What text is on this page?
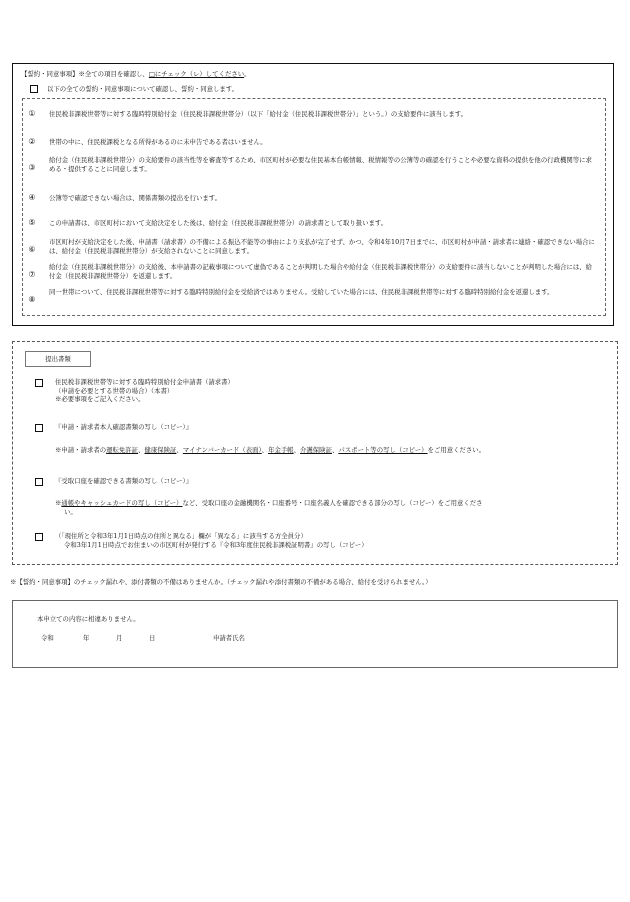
【誓約・同意事項】※全ての項目を確認し、□にチェック（レ）してください。
以下の全ての誓約・同意事項について確認し、誓約・同意します。
① 住民税非課税世帯等に対する臨時特別給付金（住民税非課税世帯分）（以下「給付金（住民税非課税世帯分）」という。）の支給要件に該当します。
② 世帯の中に、住民税課税となる所得があるのに未申告である者はいません。
③
給付金（住民税非課税世帯分）の支給要件の該当性等を審査等するため、市区町村が必要な住民基本台帳情報、税情報等の公簿等の確認を行うことや必要な資料の提供を他の行政機関等に求める・提供することに同意します。
④ 公簿等で確認できない場合は、関係書類の提出を行います。
⑤ この申請書は、市区町村において支給決定をした後は、給付金（住民税非課税世帯分）の請求書として取り扱います。
⑥
市区町村が支給決定をした後、申請書（請求書）の不備による振込不能等の事由により支払が完了せず、かつ、令和4年10月7日までに、市区町村が申請・請求者に連絡・確認できない場合には、給付金（住民税非課税世帯分）が支給されないことに同意します。
⑦
給付金（住民税非課税世帯分）の支給後、本申請書の記載事項について虚偽であることが判明した場合や給付金（住民税非課税世帯分）の支給要件に該当しないことが判明した場合には、給付金（住民税非課税世帯分）を返還します。
⑧
同一世帯について、住民税非課税世帯等に対する臨時特別給付金を受給済ではありません。受給していた場合には、住民税非課税世帯等に対する臨時特別給付金を返還します。
提出書類
住民税非課税世帯等に対する臨時特別給付金申請書（請求書）
（申請を必要とする世帯の場合）（本書）
※必要事項をご記入ください。
『申請・請求者本人確認書類の写し（コピー）』
※申請・請求者の運転免許証、健康保険証、マイナンバーカード（表面）、年金手帳、介護保険証、パスポート等の写し（コピー）をご用意ください。
『受取口座を確認できる書類の写し（コピー）』
※通帳やキャッシュカードの写し（コピー）など、受取口座の金融機関名・口座番号・口座名義人を確認できる部分の写し（コピー）をご用意くださ
い。
（「現住所と令和3年1月1日時点の住所と異なる」欄が「異なる」に該当する方全員分）
令和3年1月1日時点でお住まいの市区町村が発行する『令和3年度住民税非課税証明書』の写し（コピー）
※【誓約・同意事項】のチェック漏れや、添付書類の不備はありませんか。（チェック漏れや添付書類の不備がある場合、給付を受けられません。）
本申立ての内容に相違ありません。
令和	年	月	日	申請者氏名
